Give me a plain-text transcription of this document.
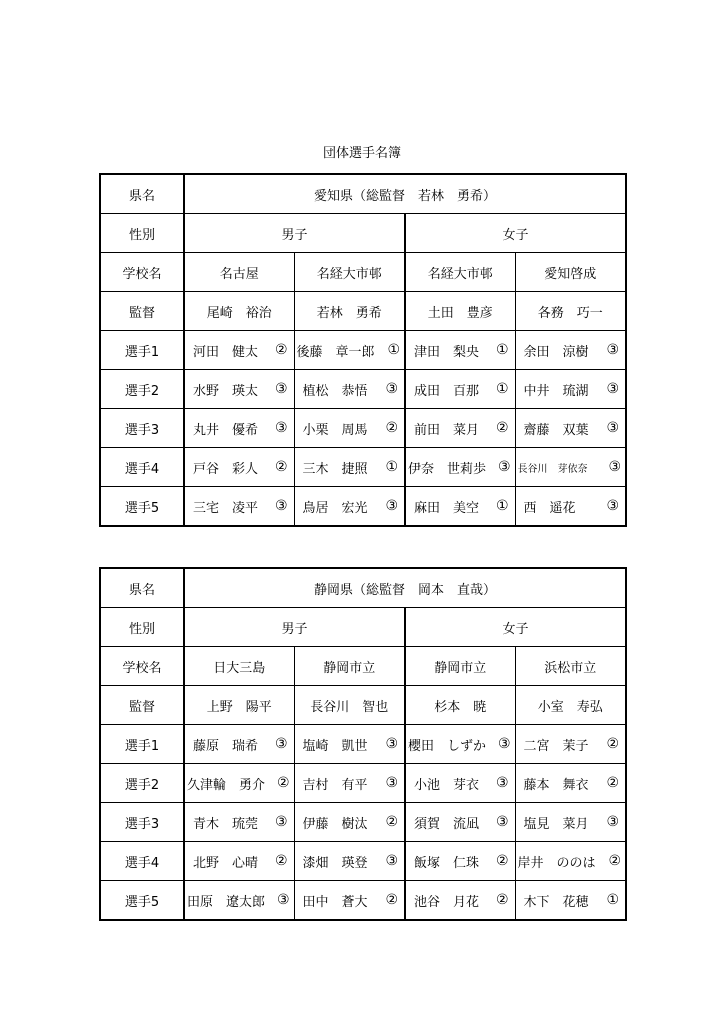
団体選手名簿
県名	愛知県（総監督　若林　勇希）			
性別	男子		女子	
学校名	名古屋	名経大市邨	名経大市邨	愛知啓成
監督	尾崎　裕治	若林　勇希	土田　豊彦	各務　巧一
選手1	河田　健太 ②	後藤　章一郎 ①	津田　梨央 ①	余田　涼樹 ③

選手2	水野　瑛太 ③	植松　恭悟 ③	成田　百那 ①	中井　琉湖 ③

選手3	丸井　優希 ③	小栗　周馬 ②	前田　菜月 ②	齋藤　双葉 ③

選手4	戸谷　彩人 ②	三木　捷照 ①	伊奈　世莉歩 ③	長谷川　芽依奈 ③

選手5	三宅　凌平 ③	鳥居　宏光 ③	麻田　美空 ①	西　遥花 ③
県名	静岡県（総監督　岡本　直哉）			
性別	男子		女子	
学校名	日大三島	静岡市立	静岡市立	浜松市立
監督	上野　陽平	長谷川　智也	杉本　暁	小室　寿弘
選手1	藤原　瑞希 ③	塩崎　凱世 ③	櫻田　しずか ③	二宮　茉子 ②

選手2	久津輪　勇介 ②	吉村　有平 ③	小池　芽衣 ③	藤本　舞衣 ②

選手3	青木　琉莞 ③	伊藤　樹汰 ②	須賀　流凪 ③	塩見　菜月 ③

選手4	北野　心晴 ②	漆畑　瑛登 ③	飯塚　仁珠 ②	岸井　ののは ②

選手5	田原　遼太郎 ③	田中　蒼大 ②	池谷　月花 ②	木下　花穂 ①
